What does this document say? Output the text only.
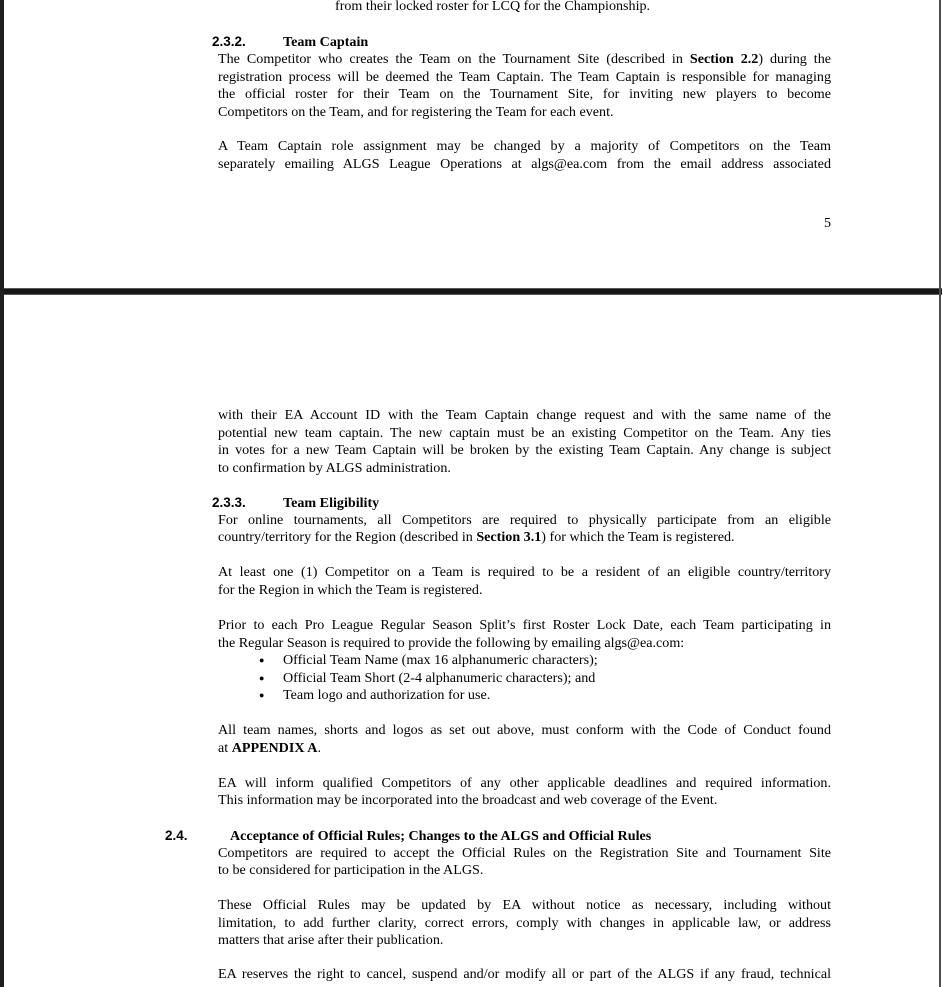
from their locked roster for LCQ for the Championship.
2.3.2.	Team Captain
The Competitor who creates the Team on the Tournament Site (described in Section 2.2) during the
registration process will be deemed the Team Captain. The Team Captain is responsible for managing
the official roster for their Team on the Tournament Site, for inviting new players to become
Competitors on the Team, and for registering the Team for each event.
A Team Captain role assignment may be changed by a majority of Competitors on the Team
separately emailing ALGS League Operations at algs@ea.com from the email address associated
5
with their EA Account ID with the Team Captain change request and with the same name of the
potential new team captain. The new captain must be an existing Competitor on the Team. Any ties
in votes for a new Team Captain will be broken by the existing Team Captain. Any change is subject
to confirmation by ALGS administration.
2.3.3.	Team Eligibility
For online tournaments, all Competitors are required to physically participate from an eligible
country/territory for the Region (described in Section 3.1) for which the Team is registered.
At least one (1) Competitor on a Team is required to be a resident of an eligible country/territory
for the Region in which the Team is registered.
Prior to each Pro League Regular Season Split’s first Roster Lock Date, each Team participating in
the Regular Season is required to provide the following by emailing algs@ea.com:
● Official Team Name (max 16 alphanumeric characters);
● Official Team Short (2-4 alphanumeric characters); and
● Team logo and authorization for use.
All team names, shorts and logos as set out above, must conform with the Code of Conduct found
at APPENDIX A.
EA will inform qualified Competitors of any other applicable deadlines and required information.
This information may be incorporated into the broadcast and web coverage of the Event.
2.4.	Acceptance of Official Rules; Changes to the ALGS and Official Rules
Competitors are required to accept the Official Rules on the Registration Site and Tournament Site
to be considered for participation in the ALGS.
These Official Rules may be updated by EA without notice as necessary, including without
limitation, to add further clarity, correct errors, comply with changes in applicable law, or address
matters that arise after their publication.
EA reserves the right to cancel, suspend and/or modify all or part of the ALGS if any fraud, technical
